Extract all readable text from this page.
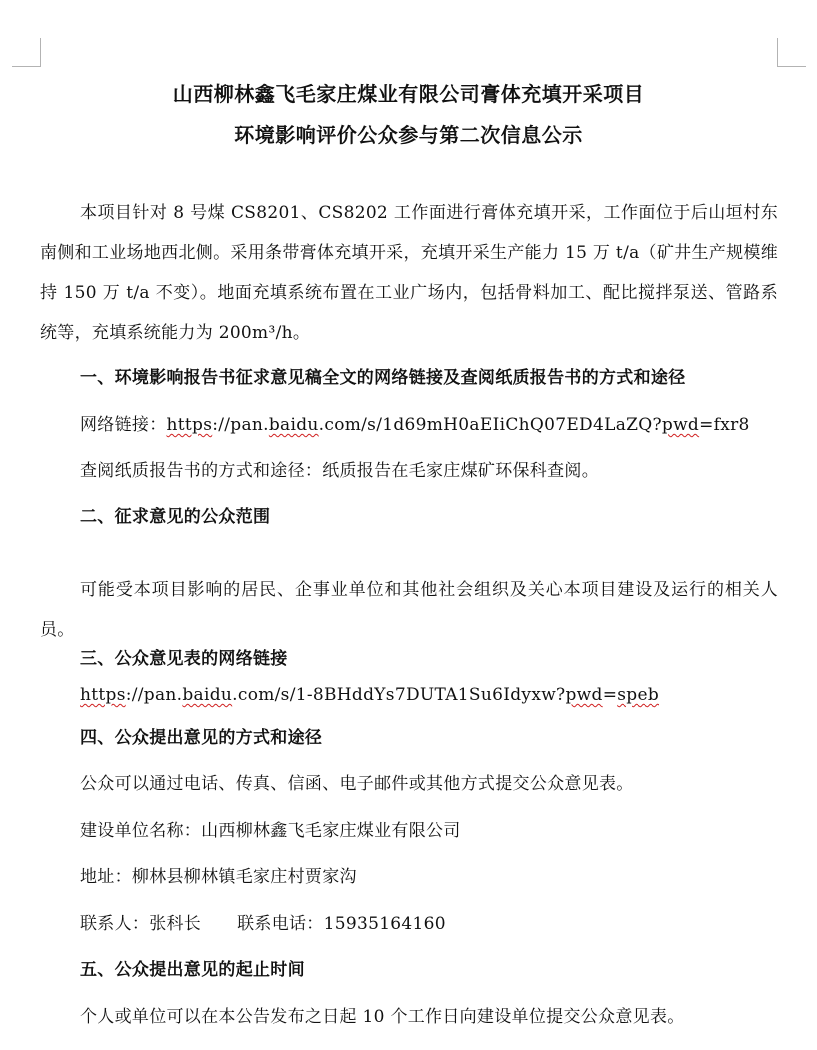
山西柳林鑫飞毛家庄煤业有限公司膏体充填开采项目
环境影响评价公众参与第二次信息公示
本项目针对 8 号煤 CS8201、CS8202 工作面进行膏体充填开采，工作面位于后山垣村东南侧和工业场地西北侧。采用条带膏体充填开采，充填开采生产能力 15 万 t/a（矿井生产规模维持 150 万 t/a 不变）。地面充填系统布置在工业广场内，包括骨料加工、配比搅拌泵送、管路系统等，充填系统能力为 200m³/h。
一、环境影响报告书征求意见稿全文的网络链接及查阅纸质报告书的方式和途径
网络链接：https://pan.baidu.com/s/1d69mH0aEIiChQ07ED4LaZQ?pwd=fxr8
查阅纸质报告书的方式和途径：纸质报告在毛家庄煤矿环保科查阅。
二、征求意见的公众范围
可能受本项目影响的居民、企事业单位和其他社会组织及关心本项目建设及运行的相关人员。
三、公众意见表的网络链接
https://pan.baidu.com/s/1-8BHddYs7DUTA1Su6Idyxw?pwd=speb
四、公众提出意见的方式和途径
公众可以通过电话、传真、信函、电子邮件或其他方式提交公众意见表。
建设单位名称：山西柳林鑫飞毛家庄煤业有限公司
地址：柳林县柳林镇毛家庄村贾家沟
联系人：张科长 联系电话：15935164160
五、公众提出意见的起止时间
个人或单位可以在本公告发布之日起 10 个工作日向建设单位提交公众意见表。
